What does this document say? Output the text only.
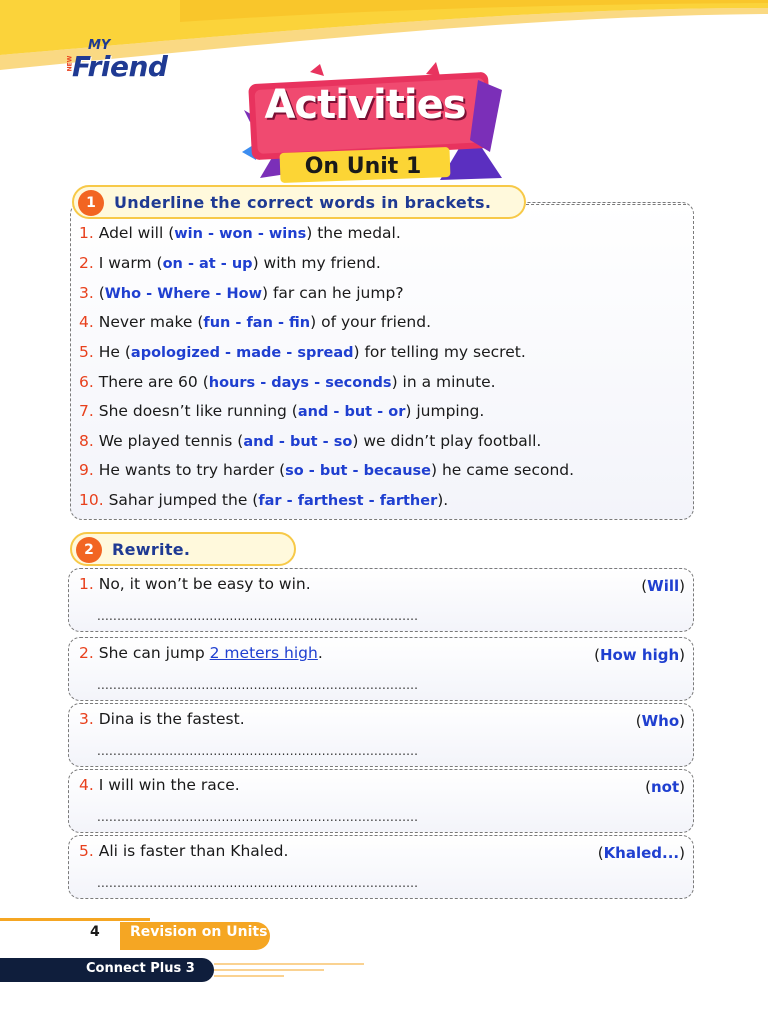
MY
NEW
Friend
Activities
On Unit 1
1	Underline the correct words in brackets.
1. Adel will (win - won - wins) the medal.
2. I warm (on - at - up) with my friend.
3. (Who - Where - How) far can he jump?
4. Never make (fun - fan - fin) of your friend.
5. He (apologized - made - spread) for telling my secret.
6. There are 60 (hours - days - seconds) in a minute.
7. She doesn’t like running (and - but - or) jumping.
8. We played tennis (and - but - so) we didn’t play football.
9. He wants to try harder (so - but - because) he came second.
10. Sahar jumped the (far - farthest - farther).
2	Rewrite.
1. No, it won’t be easy to win.	(Will)
................................................................................
2. She can jump 2 meters high.	(How high)
................................................................................
3. Dina is the fastest.	(Who)
................................................................................
4. I will win the race.	(not)
................................................................................
5. Ali is faster than Khaled.	(Khaled...)
................................................................................
4 Revision on Units
Connect Plus 3
